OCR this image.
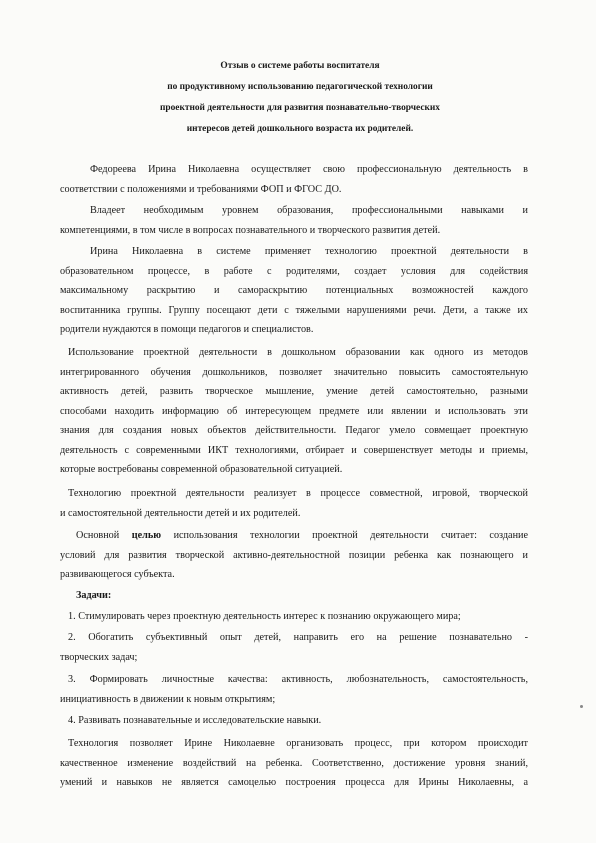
Отзыв о системе работы воспитателя
по продуктивному использованию педагогической технологии
проектной деятельности для развития познавательно-творческих
интересов детей дошкольного возраста их родителей.
Федореева Ирина Николаевна осуществляет свою профессиональную деятельность в
соответствии с положениями и требованиями ФОП и ФГОС ДО.
Владеет необходимым уровнем образования, профессиональными навыками и
компетенциями, в том числе в вопросах познавательного и творческого развития детей.
Ирина Николаевна в системе применяет технологию проектной деятельности в
образовательном процессе, в работе с родителями, создает условия для содействия
максимальному раскрытию и самораскрытию потенциальных возможностей каждого
воспитанника группы. Группу посещают дети с тяжелыми нарушениями речи. Дети, а также их
родители нуждаются в помощи педагогов и специалистов.
Использование проектной деятельности в дошкольном образовании как одного из методов
интегрированного обучения дошкольников, позволяет значительно повысить самостоятельную
активность детей, развить творческое мышление, умение детей самостоятельно, разными
способами находить информацию об интересующем предмете или явлении и использовать эти
знания для создания новых объектов действительности. Педагог умело совмещает проектную
деятельность с современными ИКТ технологиями, отбирает и совершенствует методы и приемы,
которые востребованы современной образовательной ситуацией.
Технологию проектной деятельности реализует в процессе совместной, игровой, творческой
и самостоятельной деятельности детей и их родителей.
Основной целью использования технологии проектной деятельности считает: создание
условий для развития творческой активно-деятельностной позиции ребенка как познающего и
развивающегося субъекта.
Задачи:
1. Стимулировать через проектную деятельность интерес к познанию окружающего мира;
2. Обогатить субъективный опыт детей, направить его на решение познавательно -
творческих задач;
3. Формировать личностные качества: активность, любознательность, самостоятельность,
инициативность в движении к новым открытиям;
4. Развивать познавательные и исследовательские навыки.
Технология позволяет Ирине Николаевне организовать процесс, при котором происходит
качественное изменение воздействий на ребенка. Соответственно, достижение уровня знаний,
умений и навыков не является самоцелью построения процесса для Ирины Николаевны, а
